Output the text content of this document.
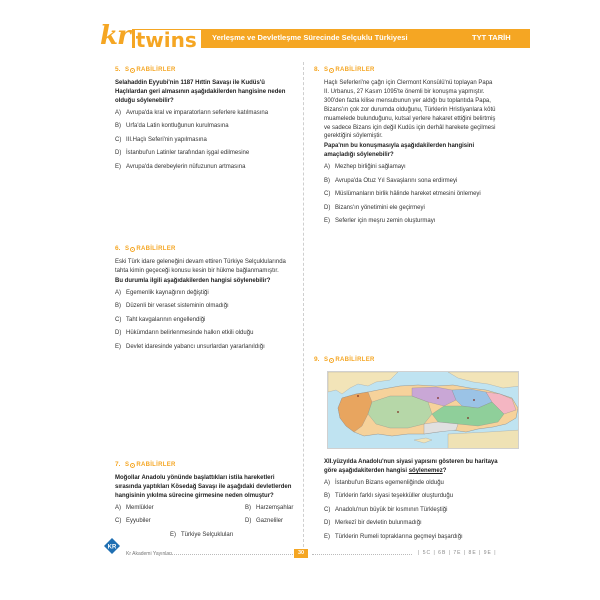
kr twins	Yerleşme ve Devletleşme Sürecinde Selçuklu Türkiyesi	TYT TARİH
5. S RABİLİRLER

Selahaddin Eyyubi'nin 1187 Hıttin Savaşı ile Kudüs'ü Haçlılardan geri almasının aşağıdakilerden hangisine neden olduğu söylenebilir?

A) Avrupa'da kral ve imparatorların seferlere katılmasına
B) Urfa'da Latin kontluğunun kurulmasına
C) III.Haçlı Seferi'nin yapılmasına
D) İstanbul'un Latinler tarafından işgal edilmesine
E) Avrupa'da derebeylerin nüfuzunun artmasına
6. S RABİLİRLER

Eski Türk idare geleneğini devam ettiren Türkiye Selçuklularında tahta kimin geçeceği konusu kesin bir hükme bağlanmamıştır.

Bu durumla ilgili aşağıdakilerden hangisi söylenebilir?

A) Egemenlik kaynağının değiştiği
B) Düzenli bir veraset sisteminin olmadığı
C) Taht kavgalarının engellendiği
D) Hükümdarın belirlenmesinde halkın etkili olduğu
E) Devlet idaresinde yabancı unsurlardan yararlanıldığı
7. S RABİLİRLER

Moğollar Anadolu yönünde başlattıkları istila hareketleri sırasında yaptıkları Kösedağ Savaşı ile aşağıdaki devletlerden hangisinin yıkılma sürecine girmesine neden olmuştur?

A) Memlükler	B) Harzemşahlar
C) Eyyubiler	D) Gazneliler
E) Türkiye Selçukluları
8. S RABİLİRLER

Haçlı Seferleri'ne çağrı için Clermont Konsülü'nü toplayan Papa II. Urbanus, 27 Kasım 1095'te önemli bir konuşma yapmıştır. 300'den fazla kilise mensubunun yer aldığı bu toplantıda Papa, Bizans'ın çok zor durumda olduğunu, Türklerin Hristiyanlara kötü muamelede bulunduğunu, kutsal yerlere hakaret ettiğini belirtmiş ve sadece Bizans için değil Kudüs için derhâl harekete geçilmesi gerektiğini söylemiştir.

Papa'nın bu konuşmasıyla aşağıdakilerden hangisini amaçladığı söylenebilir?

A) Mezhep birliğini sağlamayı
B) Avrupa'da Otuz Yıl Savaşlarını sona erdirmeyi
C) Müslümanların birlik hâlinde hareket etmesini önlemeyi
D) Bizans'ın yönetimini ele geçirmeyi
E) Seferler için meşru zemin oluşturmayı
9. S RABİLİRLER

XII.yüzyılda Anadolu'nun siyasi yapısını gösteren bu haritaya göre aşağıdakiterden hangisi söylenemez?

A) İstanbul'un Bizans egemenliğinde olduğu
B) Türklerin farklı siyasi teşekküller oluşturduğu
C) Anadolu'nun büyük bir kısmının Türkleştiği
D) Merkezî bir devletin bulunmadığı
E) Türklerin Rumeli topraklarına geçmeyi başardığı
KR
Kr Akademi Yayınları	30	| 5C | 6B | 7E | 8E | 9E |
